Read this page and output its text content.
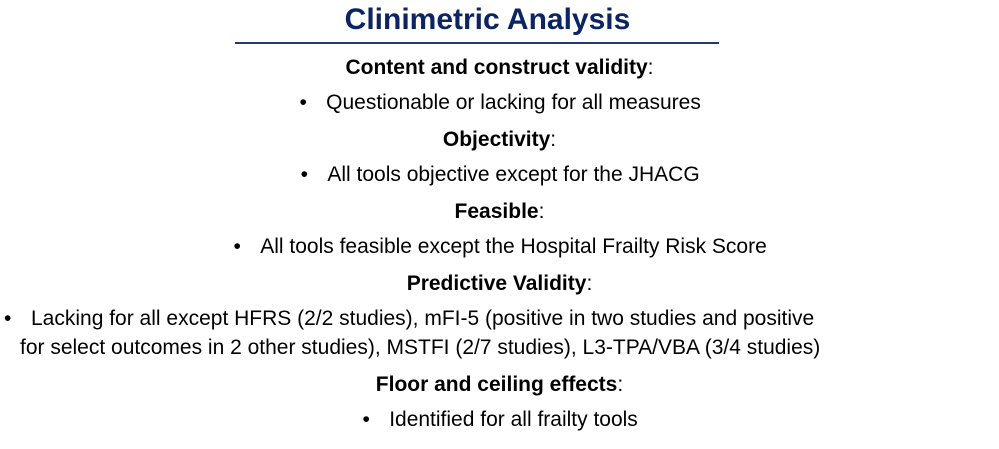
Clinimetric Analysis
Content and construct validity:
• Questionable or lacking for all measures
Objectivity:
• All tools objective except for the JHACG
Feasible:
• All tools feasible except the Hospital Frailty Risk Score
Predictive Validity:
• Lacking for all except HFRS (2/2 studies), mFI-5 (positive in two studies and positive
for select outcomes in 2 other studies), MSTFI (2/7 studies), L3-TPA/VBA (3/4 studies)
Floor and ceiling effects:
• Identified for all frailty tools
